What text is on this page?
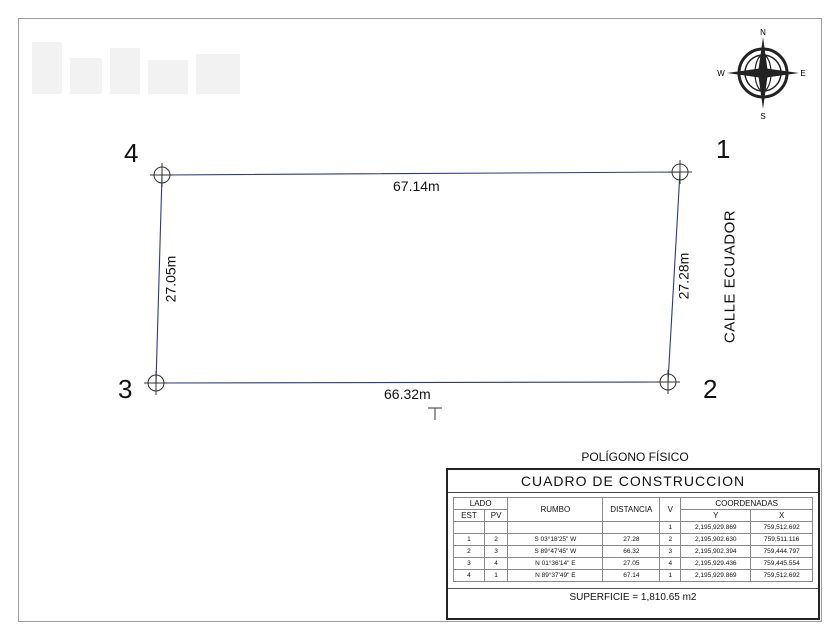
N
S
E
W
1
2
3
4
67.14m
66.32m
27.05m	27.28m CALLE ECUADOR
POLÍGONO FÍSICO
CUADRO DE CONSTRUCCION
LADO		RUMBO	DISTANCIA	V	COORDENADAS	
EST	PV				Y	X
				1	2,195,929.869	759,512.692
1	2	S 03°18'25" W	27.28	2	2,195,902.630	759,511.116
2	3	S 89°47'45" W	66.32	3	2,195,902.394	759,444.797
3	4	N 01°36'14" E	27.05	4	2,195,929.436	759,445.554
4	1	N 89°37'49" E	67.14	1	2,195,929.869	759,512.692
SUPERFICIE = 1,810.65 m2
